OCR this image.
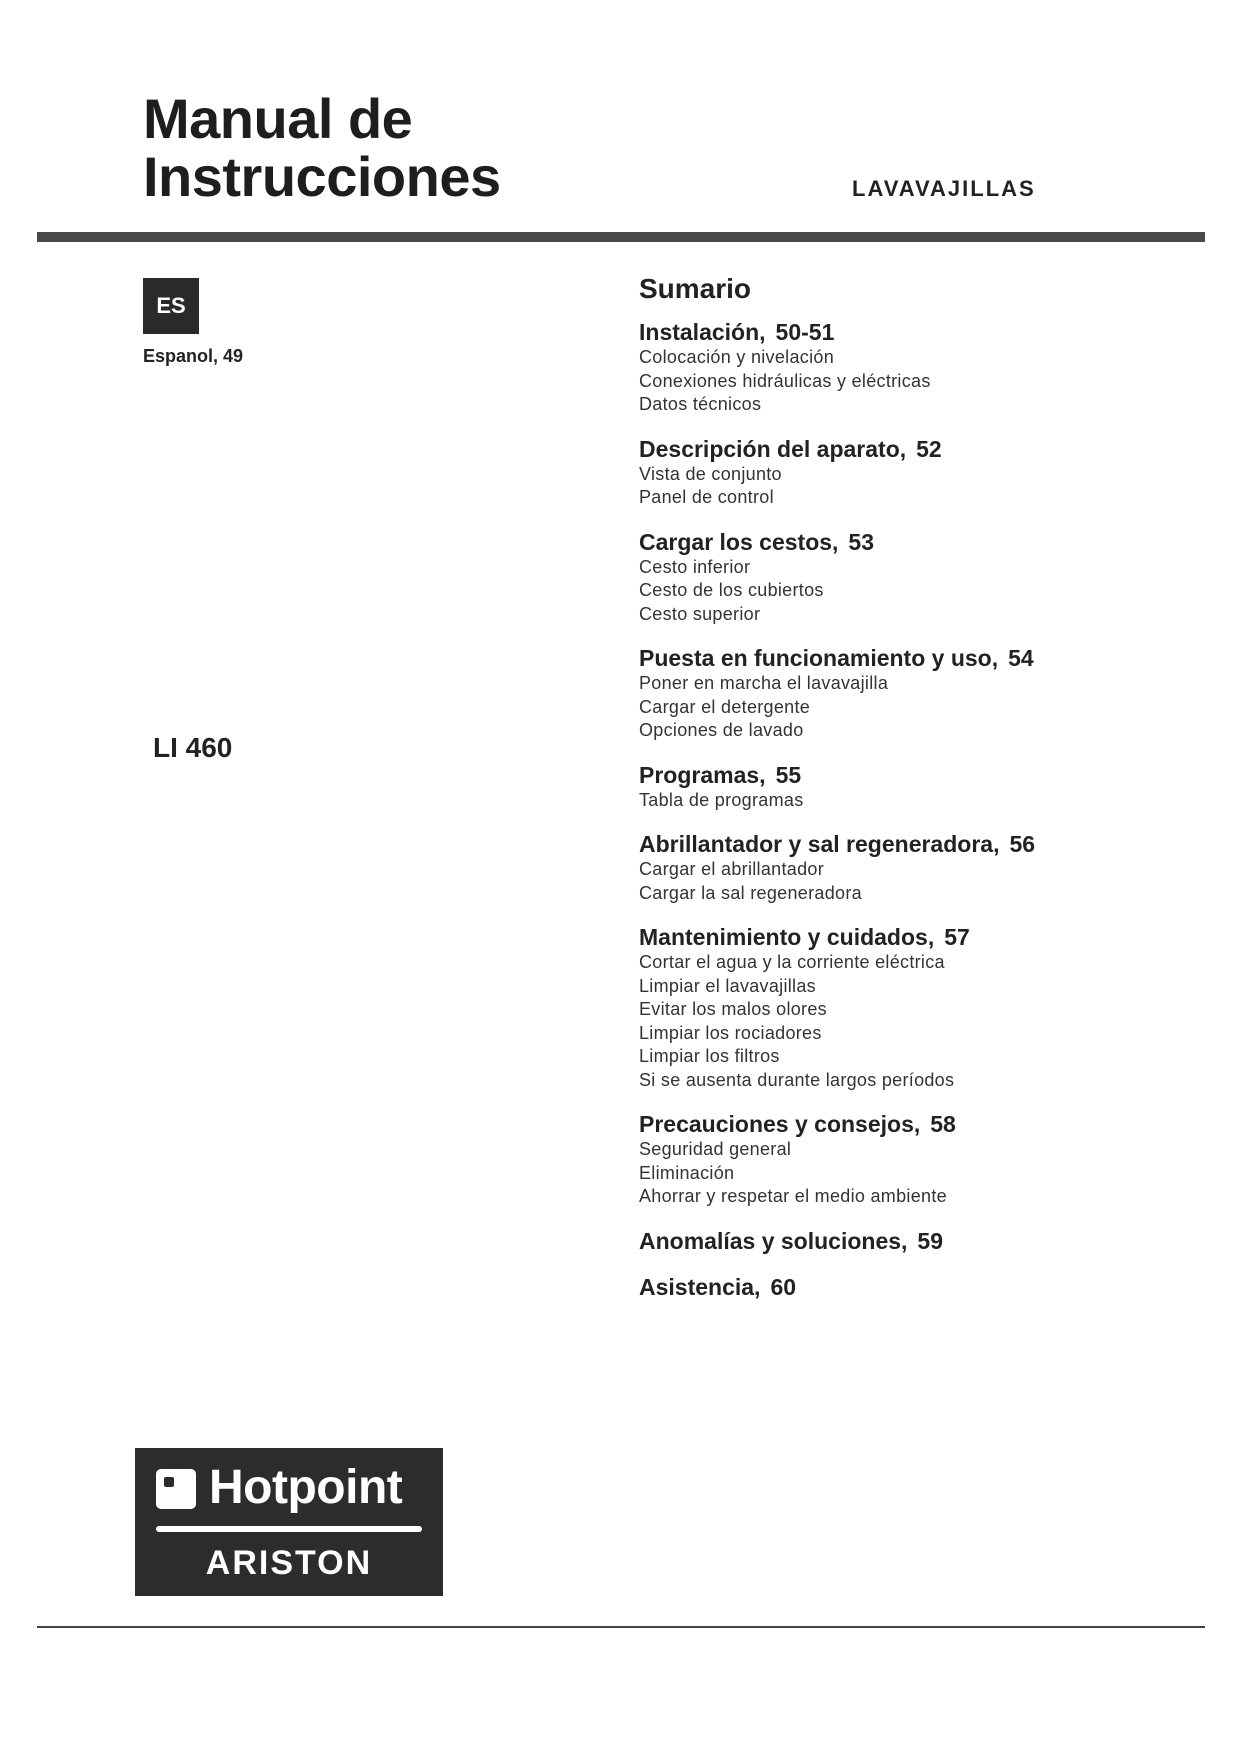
Manual de
Instrucciones	LAVAVAJILLAS
ES
Espanol, 49
LI 460
Sumario
Instalación, 50-51
Colocación y nivelación
Conexiones hidráulicas y eléctricas
Datos técnicos
Descripción del aparato, 52
Vista de conjunto
Panel de control
Cargar los cestos, 53
Cesto inferior
Cesto de los cubiertos
Cesto superior
Puesta en funcionamiento y uso, 54
Poner en marcha el lavavajilla
Cargar el detergente
Opciones de lavado
Programas, 55
Tabla de programas
Abrillantador y sal regeneradora, 56
Cargar el abrillantador
Cargar la sal regeneradora
Mantenimiento y cuidados, 57
Cortar el agua y la corriente eléctrica
Limpiar el lavavajillas
Evitar los malos olores
Limpiar los rociadores
Limpiar los filtros
Si se ausenta durante largos períodos
Precauciones y consejos, 58
Seguridad general
Eliminación
Ahorrar y respetar el medio ambiente
Anomalías y soluciones, 59
Asistencia, 60
Hotpoint
ARISTON
